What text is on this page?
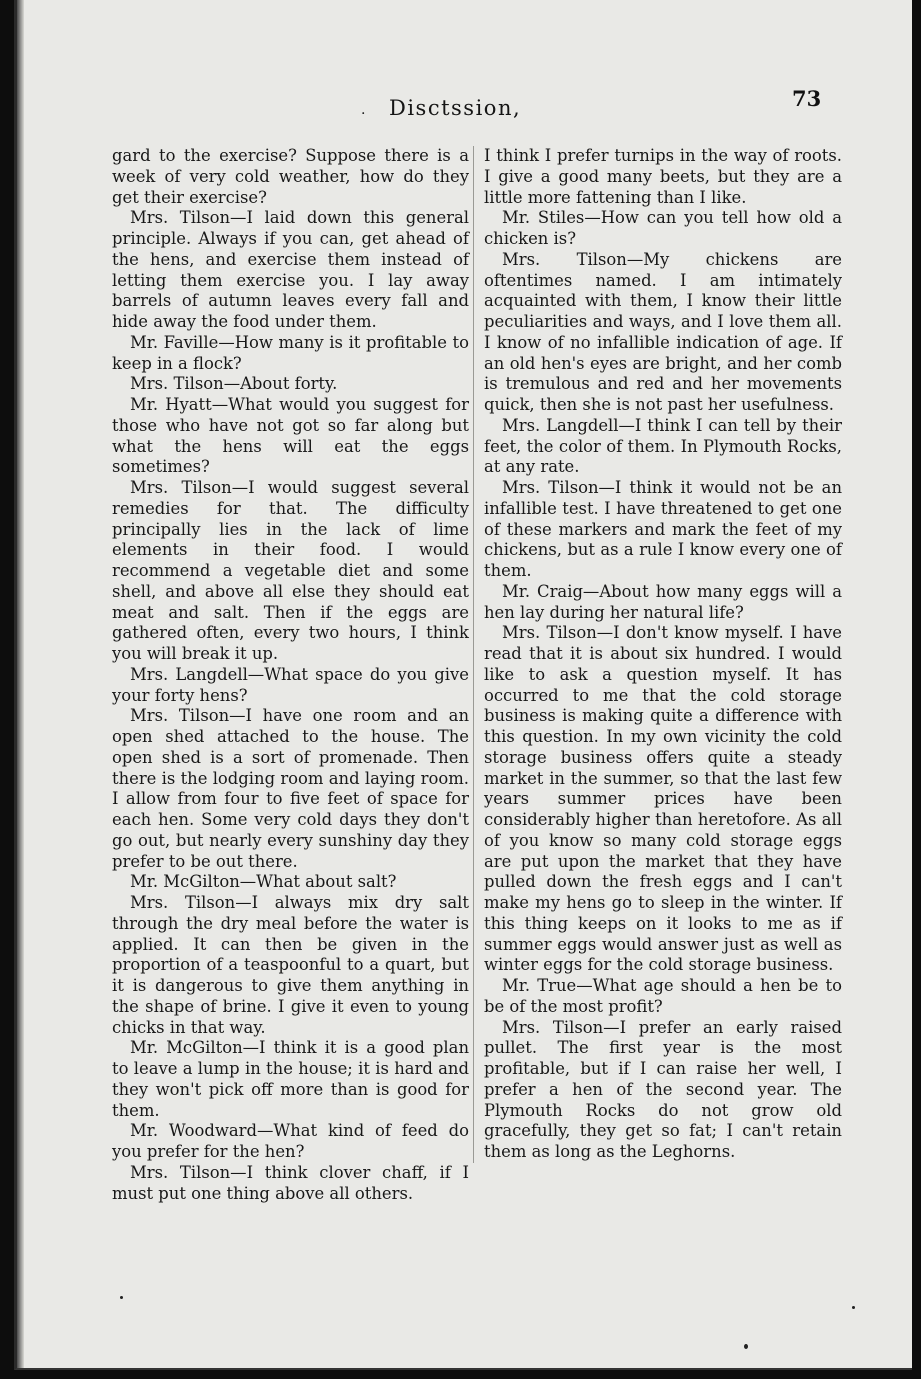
. Disctssion,	73

gard to the exercise? Suppose there is a week of very cold weather, how do they get their exercise?

Mrs. Tilson—I laid down this general principle. Always if you can, get ahead of the hens, and exercise them instead of letting them exercise you. I lay away barrels of autumn leaves every fall and hide away the food under them.

Mr. Faville—How many is it profitable to keep in a flock?

Mrs. Tilson—About forty.

Mr. Hyatt—What would you suggest for those who have not got so far along but what the hens will eat the eggs sometimes?

Mrs. Tilson—I would suggest several remedies for that. The difficulty principally lies in the lack of lime elements in their food. I would recommend a vegetable diet and some shell, and above all else they should eat meat and salt. Then if the eggs are gathered often, every two hours, I think you will break it up.

Mrs. Langdell—What space do you give your forty hens?

Mrs. Tilson—I have one room and an open shed attached to the house. The open shed is a sort of promenade. Then there is the lodging room and laying room. I allow from four to five feet of space for each hen. Some very cold days they don't go out, but nearly every sunshiny day they prefer to be out there.

Mr. McGilton—What about salt?

Mrs. Tilson—I always mix dry salt through the dry meal before the water is applied. It can then be given in the proportion of a teaspoonful to a quart, but it is dangerous to give them anything in the shape of brine. I give it even to young chicks in that way.

Mr. McGilton—I think it is a good plan to leave a lump in the house; it is hard and they won't pick off more than is good for them.

Mr. Woodward—What kind of feed do you prefer for the hen?

Mrs. Tilson—I think clover chaff, if I must put one thing above all others.

I think I prefer turnips in the way of roots. I give a good many beets, but they are a little more fattening than I like.

Mr. Stiles—How can you tell how old a chicken is?

Mrs. Tilson—My chickens are oftentimes named. I am intimately acquainted with them, I know their little peculiarities and ways, and I love them all. I know of no infallible indication of age. If an old hen's eyes are bright, and her comb is tremulous and red and her movements quick, then she is not past her usefulness.

Mrs. Langdell—I think I can tell by their feet, the color of them. In Plymouth Rocks, at any rate.

Mrs. Tilson—I think it would not be an infallible test. I have threatened to get one of these markers and mark the feet of my chickens, but as a rule I know every one of them.

Mr. Craig—About how many eggs will a hen lay during her natural life?

Mrs. Tilson—I don't know myself. I have read that it is about six hundred. I would like to ask a question myself. It has occurred to me that the cold storage business is making quite a difference with this question. In my own vicinity the cold storage business offers quite a steady market in the summer, so that the last few years summer prices have been considerably higher than heretofore. As all of you know so many cold storage eggs are put upon the market that they have pulled down the fresh eggs and I can't make my hens go to sleep in the winter. If this thing keeps on it looks to me as if summer eggs would answer just as well as winter eggs for the cold storage business.

Mr. True—What age should a hen be to be of the most profit?

Mrs. Tilson—I prefer an early raised pullet. The first year is the most profitable, but if I can raise her well, I prefer a hen of the second year. The Plymouth Rocks do not grow old gracefully, they get so fat; I can't retain them as long as the Leghorns.
